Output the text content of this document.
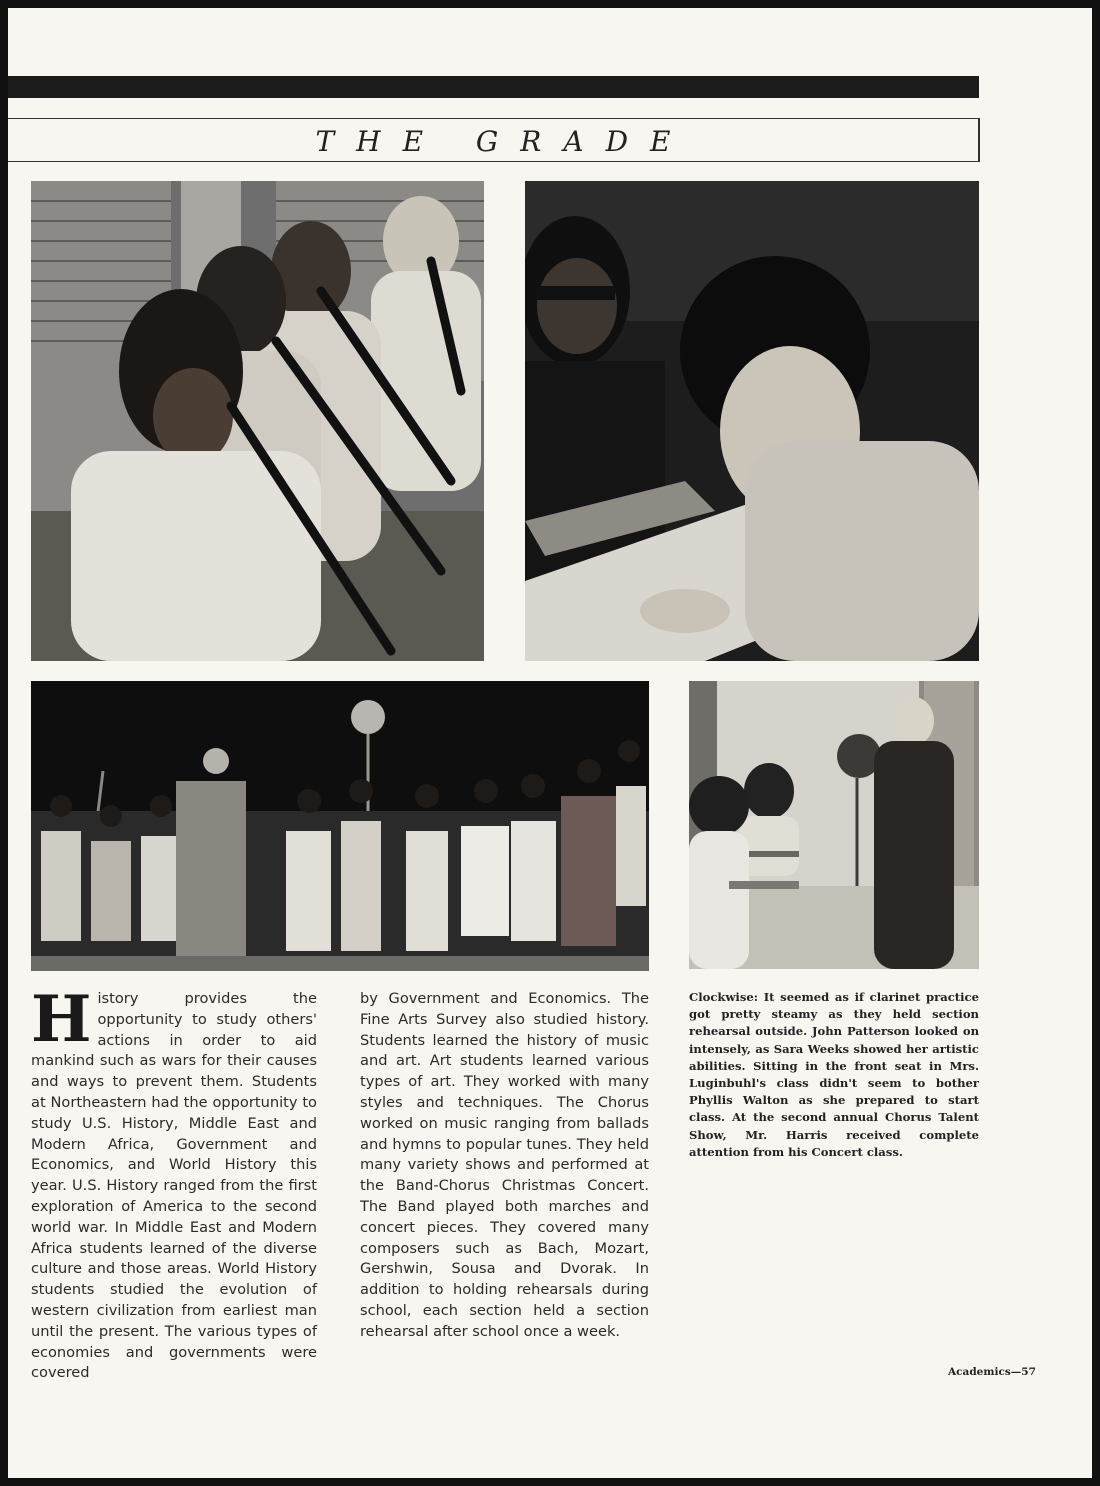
THE GRADE
H istory provides the opportunity to study others' actions in order to aid mankind such as wars for their causes and ways to prevent them. Students at Northeastern had the opportunity to study U.S. History, Middle East and Modern Africa, Government and Economics, and World History this year. U.S. History ranged from the first exploration of America to the second world war. In Middle East and Modern Africa students learned of the diverse culture and those areas. World History students studied the evolution of western civilization from earliest man until the present. The various types of economies and governments were covered
by Government and Economics. The Fine Arts Survey also studied history. Students learned the history of music and art. Art students learned various types of art. They worked with many styles and techniques. The Chorus worked on music ranging from ballads and hymns to popular tunes. They held many variety shows and performed at the Band-Chorus Christmas Concert. The Band played both marches and concert pieces. They covered many composers such as Bach, Mozart, Gershwin, Sousa and Dvorak. In addition to holding rehearsals during school, each section held a section rehearsal after school once a week.
Clockwise: It seemed as if clarinet practice got pretty steamy as they held section rehearsal outside. John Patterson looked on intensely, as Sara Weeks showed her artistic abilities. Sitting in the front seat in Mrs. Luginbuhl's class didn't seem to bother Phyllis Walton as she prepared to start class. At the second annual Chorus Talent Show, Mr. Harris received complete attention from his Concert class.
Academics—57
